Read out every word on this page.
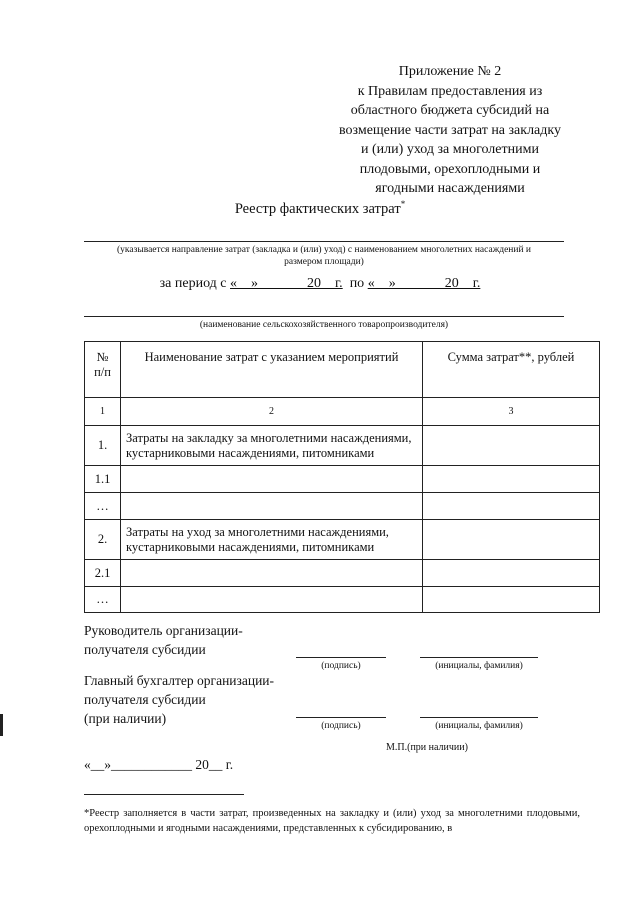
Приложение № 2
к Правилам предоставления из
областного бюджета субсидий на
возмещение части затрат на закладку
и (или) уход за многолетними
плодовыми, орехоплодными и
ягодными насаждениями
Реестр фактических затрат*
(указывается направление затрат (закладка и (или) уход) с наименованием многолетних насаждений и
размером площади)
за период с «    »              20    г.  по «    »              20    г.
(наименование сельскохозяйственного товаропроизводителя)
№
п/п	Наименование затрат с указанием мероприятий	Сумма затрат**, рублей
1	2	3
1.	Затраты на закладку за многолетними насаждениями, кустарниковыми насаждениями, питомниками	
1.1		
…		
2.	Затраты на уход за многолетними насаждениями, кустарниковыми насаждениями, питомниками	
2.1		
…		
Руководитель организации-
получателя субсидии
(подпись)	(инициалы, фамилия)
Главный бухгалтер организации-
получателя субсидии
(при наличии)	(подпись)	(инициалы, фамилия)
М.П.(при наличии)
«__»____________ 20__ г.
*Реестр заполняется в части затрат, произведенных на закладку и (или) уход за многолетними плодовыми, орехоплодными и ягодными насаждениями, представленных к субсидированию, в
